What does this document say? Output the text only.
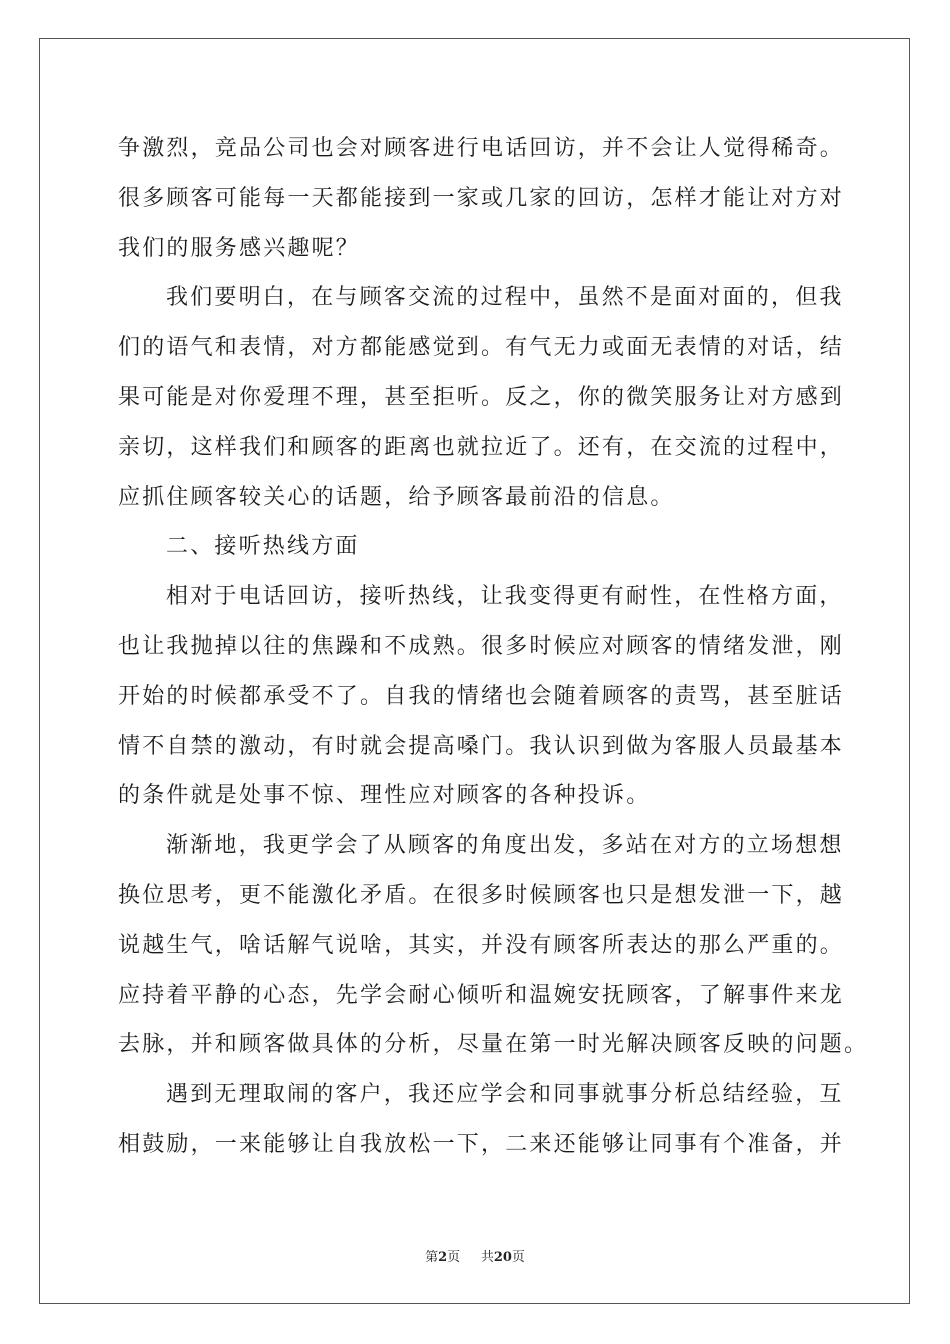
争激烈，竞品公司也会对顾客进行电话回访，并不会让人觉得稀奇。
很多顾客可能每一天都能接到一家或几家的回访，怎样才能让对方对
我们的服务感兴趣呢？
我们要明白，在与顾客交流的过程中，虽然不是面对面的，但我
们的语气和表情，对方都能感觉到。有气无力或面无表情的对话，结
果可能是对你爱理不理，甚至拒听。反之，你的微笑服务让对方感到
亲切，这样我们和顾客的距离也就拉近了。还有，在交流的过程中，
应抓住顾客较关心的话题，给予顾客最前沿的信息。
二、接听热线方面
相对于电话回访，接听热线，让我变得更有耐性，在性格方面，
也让我抛掉以往的焦躁和不成熟。很多时候应对顾客的情绪发泄，刚
开始的时候都承受不了。自我的情绪也会随着顾客的责骂，甚至脏话
情不自禁的激动，有时就会提高嗓门。我认识到做为客服人员最基本
的条件就是处事不惊、理性应对顾客的各种投诉。
渐渐地，我更学会了从顾客的角度出发，多站在对方的立场想想
换位思考，更不能激化矛盾。在很多时候顾客也只是想发泄一下，越
说越生气，啥话解气说啥，其实，并没有顾客所表达的那么严重的。
应持着平静的心态，先学会耐心倾听和温婉安抚顾客，了解事件来龙
去脉，并和顾客做具体的分析，尽量在第一时光解决顾客反映的问题。
遇到无理取闹的客户，我还应学会和同事就事分析总结经验，互
相鼓励，一来能够让自我放松一下，二来还能够让同事有个准备，并
第2页 共20页
